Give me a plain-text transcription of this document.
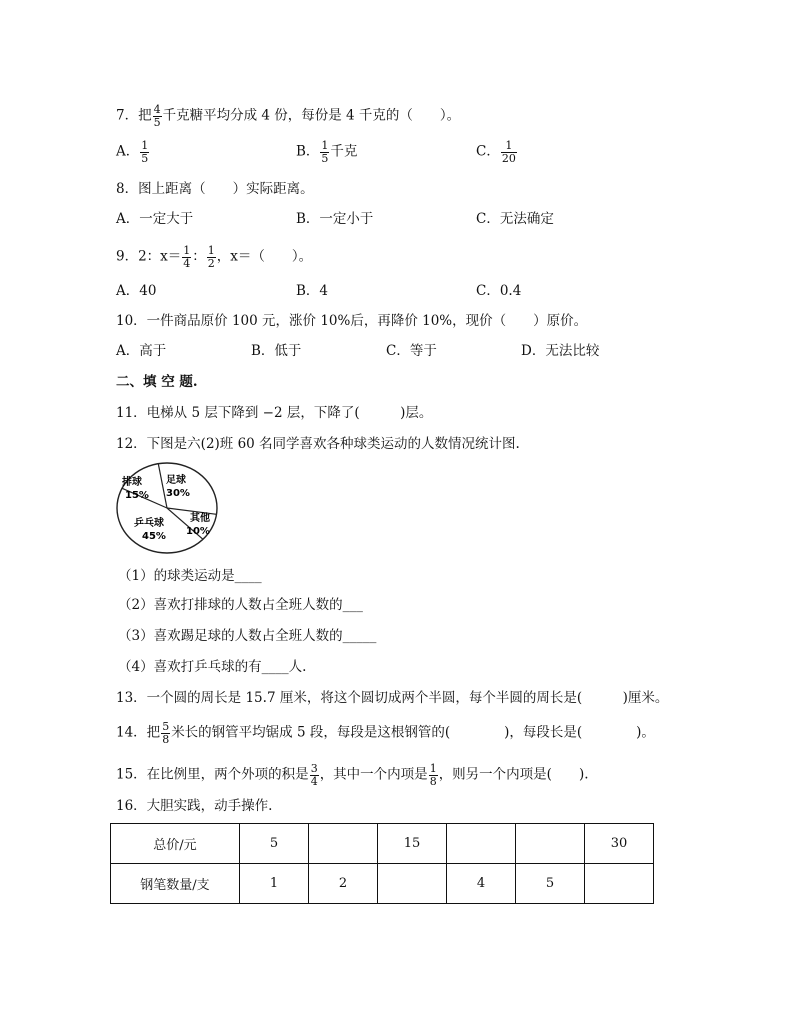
7．把 $\frac{4}{5}$ 千克糖平均分成 4 份，每份是 4 千克的（　　）。
A． $\frac{1}{5}$	B． $\frac{1}{5}$ 千克	C． $\frac{1}{20}$
8．图上距离（　　）实际距离。
A．一定大于	B．一定小于	C．无法确定
9．2：$x= \frac{1}{4}$ ： $\frac{1}{2}$ ，x＝（　　）。
A．40	B．4	C．0.4
10．一件商品原价 100 元，涨价 10%后，再降价 10%，现价（　　）原价。
A．高于	B．低于	C．等于	D．无法比较
二、填 空 题.
11．电梯从 5 层下降到 −2 层，下降了(　　　)层。
12．下图是六(2)班 60 名同学喜欢各种球类运动的人数情况统计图.
排球
15%
足球
30%
其他
10%
乒乓球
45%
（1）的球类运动是____
（2）喜欢打排球的人数占全班人数的___
（3）喜欢踢足球的人数占全班人数的_____
（4）喜欢打乒乓球的有____人.
13．一个圆的周长是 15.7 厘米，将这个圆切成两个半圆，每个半圆的周长是(　　　)厘米。
14．把 $\frac{5}{8}$ 米长的钢管平均锯成 5 段，每段是这根钢管的(　　　　)，每段长是(　　　　)。
15．在比例里，两个外项的积是 $\frac{3}{4}$ ，其中一个内项是 $\frac{1}{8}$ ，则另一个内项是(　　).
16．大胆实践，动手操作.
总价/元	5		15			30
钢笔数量/支	1	2		4	5	
